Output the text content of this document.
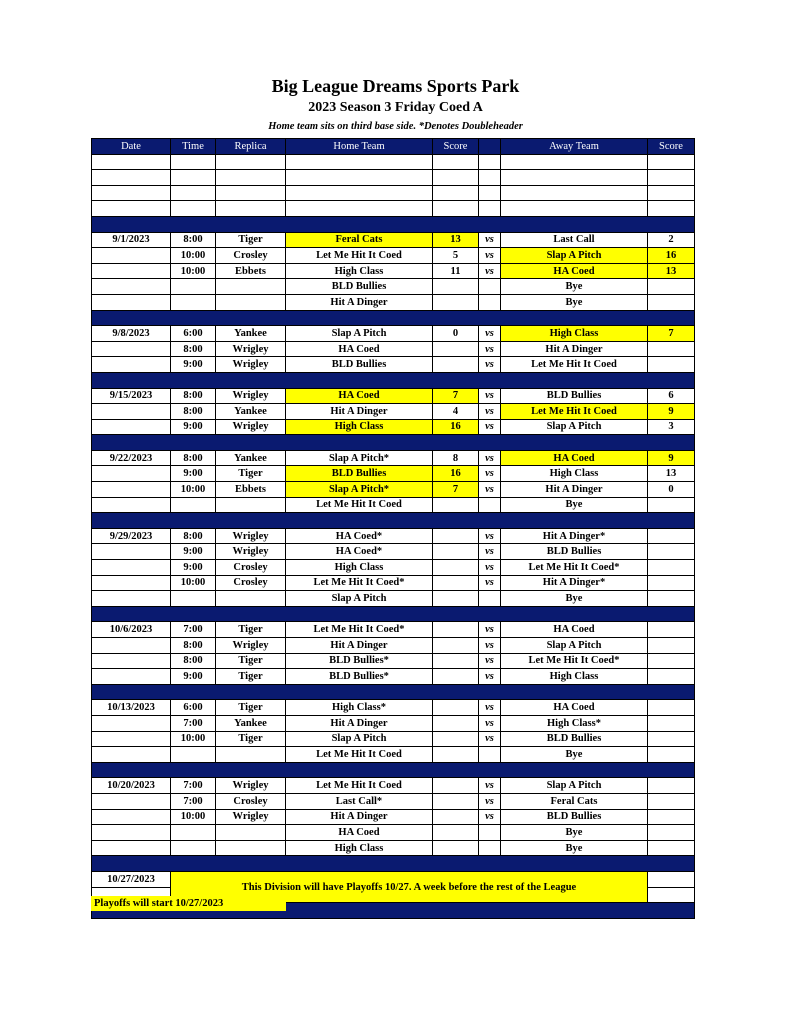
Big League Dreams Sports Park
2023 Season 3 Friday Coed A
Home team sits on third base side. *Denotes Doubleheader
Date	Time	Replica	Home Team	Score		Away Team	Score

9/1/2023	8:00	Tiger	Feral Cats	13	vs	Last Call	2
	10:00	Crosley	Let Me Hit It Coed	5	vs	Slap A Pitch	16
	10:00	Ebbets	High Class	11	vs	HA Coed	13
			BLD Bullies			Bye	
			Hit A Dinger			Bye	

9/8/2023	6:00	Yankee	Slap A Pitch	0	vs	High Class	7
	8:00	Wrigley	HA Coed		vs	Hit A Dinger	
	9:00	Wrigley	BLD Bullies		vs	Let Me Hit It Coed	

9/15/2023	8:00	Wrigley	HA Coed	7	vs	BLD Bullies	6
	8:00	Yankee	Hit A Dinger	4	vs	Let Me Hit It Coed	9
	9:00	Wrigley	High Class	16	vs	Slap A Pitch	3

9/22/2023	8:00	Yankee	Slap A Pitch*	8	vs	HA Coed	9
	9:00	Tiger	BLD Bullies	16	vs	High Class	13
	10:00	Ebbets	Slap A Pitch*	7	vs	Hit A Dinger	0
			Let Me Hit It Coed			Bye	

9/29/2023	8:00	Wrigley	HA Coed*		vs	Hit A Dinger*	
	9:00	Wrigley	HA Coed*		vs	BLD Bullies	
	9:00	Crosley	High Class		vs	Let Me Hit It Coed*	
	10:00	Crosley	Let Me Hit It Coed*		vs	Hit A Dinger*	
			Slap A Pitch			Bye	

10/6/2023	7:00	Tiger	Let Me Hit It Coed*		vs	HA Coed	
	8:00	Wrigley	Hit A Dinger		vs	Slap A Pitch	
	8:00	Tiger	BLD Bullies*		vs	Let Me Hit It Coed*	
	9:00	Tiger	BLD Bullies*		vs	High Class	

10/13/2023	6:00	Tiger	High Class*		vs	HA Coed	
	7:00	Yankee	Hit A Dinger		vs	High Class*	
	10:00	Tiger	Slap A Pitch		vs	BLD Bullies	
			Let Me Hit It Coed			Bye	

10/20/2023	7:00	Wrigley	Let Me Hit It Coed		vs	Slap A Pitch	
	7:00	Crosley	Last Call*		vs	Feral Cats	
	10:00	Wrigley	Hit A Dinger		vs	BLD Bullies	
			HA Coed			Bye	
			High Class			Bye	

10/27/2023	This Division will have Playoffs 10/27. A week before the rest of the League						

Playoffs will start 10/27/2023
